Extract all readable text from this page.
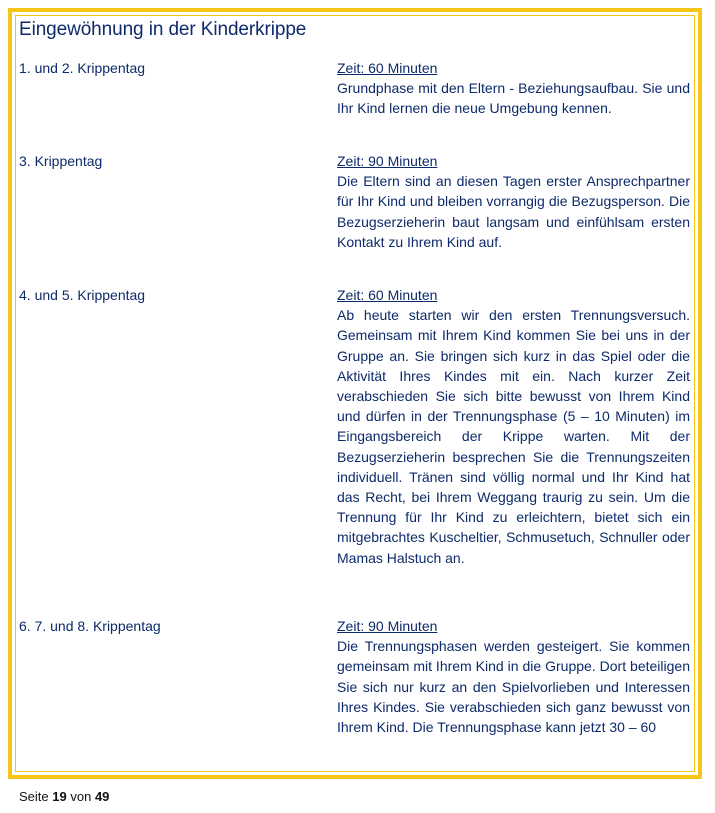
Eingewöhnung in der Kinderkrippe
1. und 2. Krippentag	Zeit: 60 Minuten
Grundphase mit den Eltern - Beziehungsaufbau. Sie und Ihr Kind lernen die neue Umgebung kennen.
3. Krippentag	Zeit: 90 Minuten
Die Eltern sind an diesen Tagen erster Ansprechpartner für Ihr Kind und bleiben vorrangig die Bezugsperson. Die Bezugserzieherin baut langsam und einfühlsam ersten Kontakt zu Ihrem Kind auf.
4. und 5. Krippentag	Zeit: 60 Minuten
Ab heute starten wir den ersten Trennungsversuch. Gemeinsam mit Ihrem Kind kommen Sie bei uns in der Gruppe an. Sie bringen sich kurz in das Spiel oder die Aktivität Ihres Kindes mit ein. Nach kurzer Zeit verabschieden Sie sich bitte bewusst von Ihrem Kind und dürfen in der Trennungsphase (5 – 10 Minuten) im Eingangsbereich der Krippe warten. Mit der Bezugserzieherin besprechen Sie die Trennungszeiten individuell. Tränen sind völlig normal und Ihr Kind hat das Recht, bei Ihrem Weggang traurig zu sein. Um die Trennung für Ihr Kind zu erleichtern, bietet sich ein mitgebrachtes Kuscheltier, Schmusetuch, Schnuller oder Mamas Halstuch an.
6. 7. und 8. Krippentag	Zeit: 90 Minuten
Die Trennungsphasen werden gesteigert. Sie kommen gemeinsam mit Ihrem Kind in die Gruppe. Dort beteiligen Sie sich nur kurz an den Spielvorlieben und Interessen Ihres Kindes. Sie verabschieden sich ganz bewusst von Ihrem Kind. Die Trennungsphase kann jetzt 30 – 60
Seite 19 von 49
